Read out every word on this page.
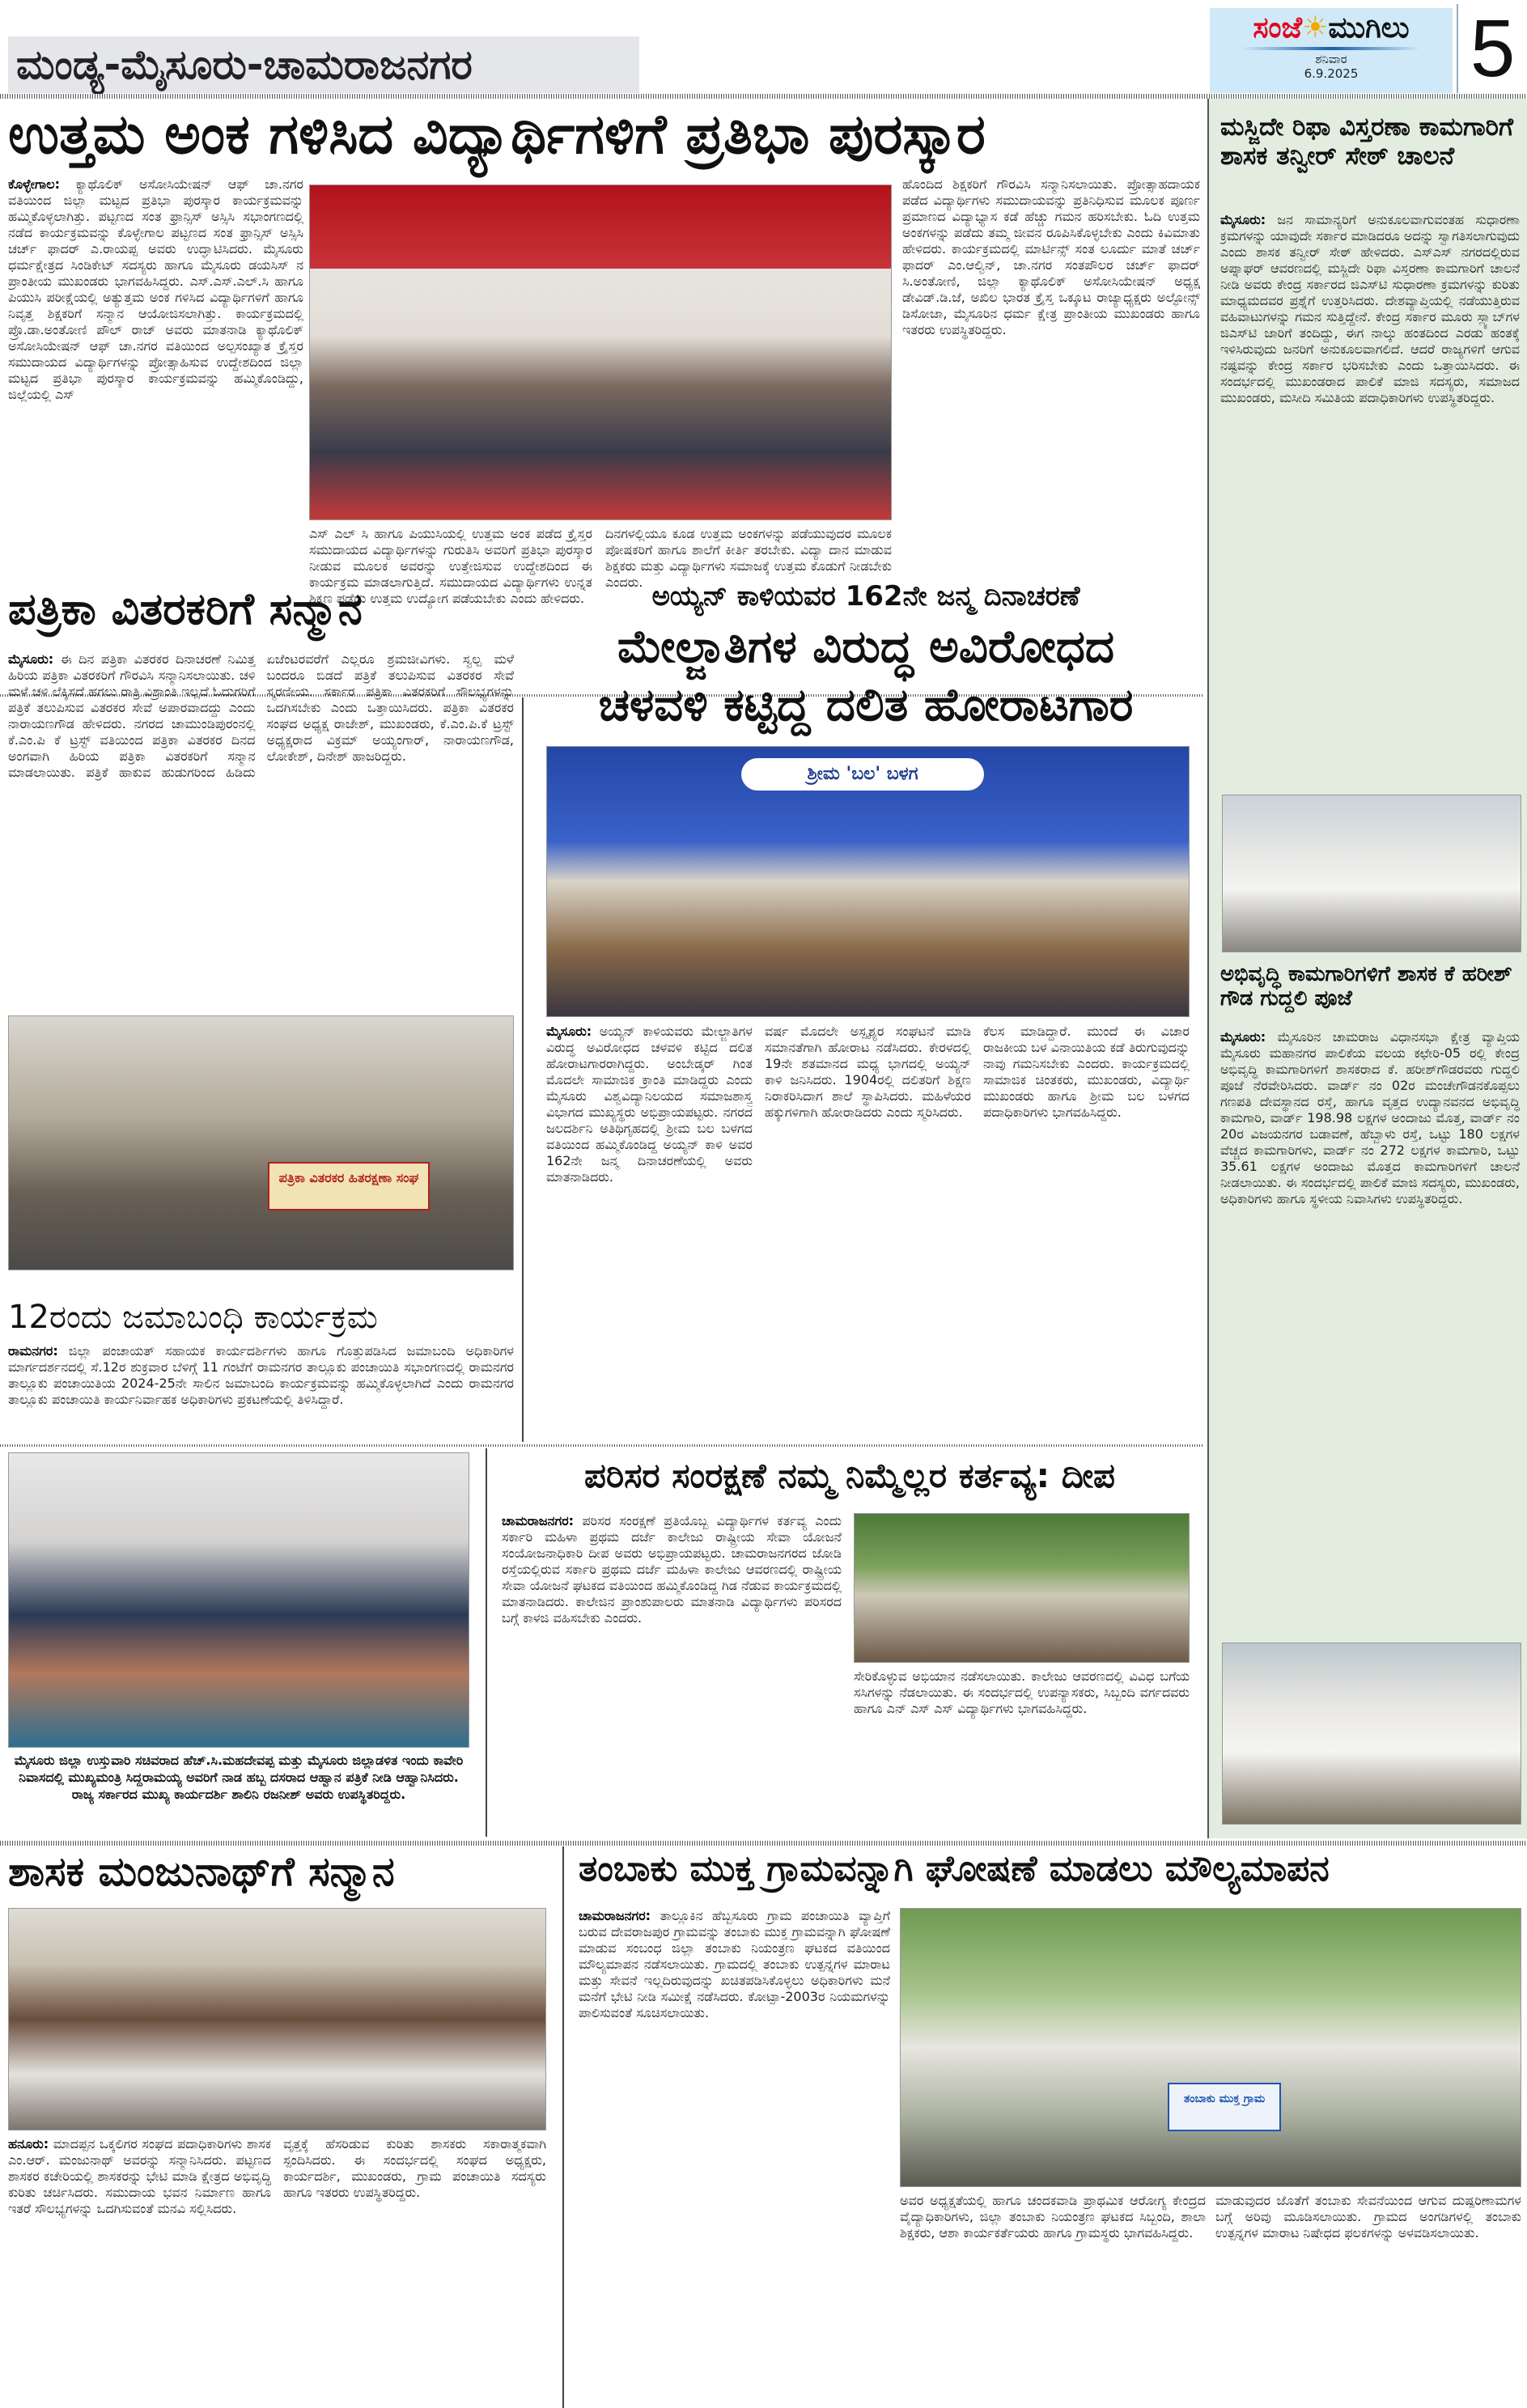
ಮಂಡ್ಯ-ಮೈಸೂರು-ಚಾಮರಾಜನಗರ
ಸಂಜೆ☀ಮುಗಿಲು
ಶನಿವಾರ
6.9.2025	5
ಉತ್ತಮ ಅಂಕ ಗಳಿಸಿದ ವಿದ್ಯಾರ್ಥಿಗಳಿಗೆ ಪ್ರತಿಭಾ ಪುರಸ್ಕಾರ
ಕೊಳ್ಳೇಗಾಲ: ಕ್ಯಾಥೊಲಿಕ್ ಅಸೋಸಿಯೇಷನ್ ಆಫ್ ಚಾ.ನಗರ ವತಿಯಿಂದ ಜಿಲ್ಲಾ ಮಟ್ಟದ ಪ್ರತಿಭಾ ಪುರಸ್ಕಾರ ಕಾರ್ಯಕ್ರಮವನ್ನು ಹಮ್ಮಿಕೊಳ್ಳಲಾಗಿತ್ತು. ಪಟ್ಟಣದ ಸಂತ ಫ್ರಾನ್ಸಿಸ್ ಅಸ್ಸಿಸಿ ಸಭಾಂಗಣದಲ್ಲಿ ನಡೆದ ಕಾರ್ಯಕ್ರಮವನ್ನು ಕೊಳ್ಳೇಗಾಲ ಪಟ್ಟಣದ ಸಂತ ಫ್ರಾನ್ಸಿಸ್ ಅಸ್ಸಿಸಿ ಚರ್ಚ್ ಫಾದರ್ ಎ.ರಾಯಪ್ಪ ಅವರು ಉದ್ಘಾಟಿಸಿದರು. ಮೈಸೂರು ಧರ್ಮಕ್ಷೇತ್ರದ ಸಿಂಡಿಕೇಟ್ ಸದಸ್ಯರು ಹಾಗೂ ಮೈಸೂರು ಡಯಸಿಸ್ ನ ಪ್ರಾಂತೀಯ ಮುಖಂಡರು ಭಾಗವಹಿಸಿದ್ದರು. ಎಸ್.ಎಸ್.ಎಲ್.ಸಿ ಹಾಗೂ ಪಿಯುಸಿ ಪರೀಕ್ಷೆಯಲ್ಲಿ ಅತ್ಯುತ್ತಮ ಅಂಕ ಗಳಿಸಿದ ವಿದ್ಯಾರ್ಥಿಗಳಿಗೆ ಹಾಗೂ ನಿವೃತ್ತ ಶಿಕ್ಷಕರಿಗೆ ಸನ್ಮಾನ ಆಯೋಜಿಸಲಾಗಿತ್ತು. ಕಾರ್ಯಕ್ರಮದಲ್ಲಿ ಪ್ರೊ.ಡಾ.ಅಂತೋಣಿ ಪೌಲ್ ರಾಜ್ ಅವರು ಮಾತನಾಡಿ ಕ್ಯಾಥೊಲಿಕ್ ಅಸೋಸಿಯೇಷನ್ ಆಫ್ ಚಾ.ನಗರ ವತಿಯಿಂದ ಅಲ್ಪಸಂಖ್ಯಾತ ಕ್ರೈಸ್ತರ ಸಮುದಾಯದ ವಿದ್ಯಾರ್ಥಿಗಳನ್ನು ಪ್ರೋತ್ಸಾಹಿಸುವ ಉದ್ದೇಶದಿಂದ ಜಿಲ್ಲಾ ಮಟ್ಟದ ಪ್ರತಿಭಾ ಪುರಸ್ಕಾರ ಕಾರ್ಯಕ್ರಮವನ್ನು ಹಮ್ಮಿಕೊಂಡಿದ್ದು, ಜಿಲ್ಲೆಯಲ್ಲಿ ಎಸ್
ಎಸ್ ಎಲ್ ಸಿ ಹಾಗೂ ಪಿಯುಸಿಯಲ್ಲಿ ಉತ್ತಮ ಅಂಕ ಪಡೆದ ಕ್ರೈಸ್ತರ ಸಮುದಾಯದ ವಿದ್ಯಾರ್ಥಿಗಳನ್ನು ಗುರುತಿಸಿ ಅವರಿಗೆ ಪ್ರತಿಭಾ ಪುರಸ್ಕಾರ ನೀಡುವ ಮೂಲಕ ಅವರನ್ನು ಉತ್ತೇಜಿಸುವ ಉದ್ದೇಶದಿಂದ ಈ ಕಾರ್ಯಕ್ರಮ ಮಾಡಲಾಗುತ್ತಿದೆ. ಸಮುದಾಯದ ವಿದ್ಯಾರ್ಥಿಗಳು ಉನ್ನತ ಶಿಕ್ಷಣ ಪಡೆದು ಉತ್ತಮ ಉದ್ಯೋಗ ಪಡೆಯಬೇಕು ಎಂದು ಹೇಳಿದರು.
ದಿನಗಳಲ್ಲಿಯೂ ಕೂಡ ಉತ್ತಮ ಅಂಕಗಳನ್ನು ಪಡೆಯುವುದರ ಮೂಲಕ ಪೋಷಕರಿಗೆ ಹಾಗೂ ಶಾಲೆಗೆ ಕೀರ್ತಿ ತರಬೇಕು. ವಿದ್ಯಾ ದಾನ ಮಾಡುವ ಶಿಕ್ಷಕರು ಮತ್ತು ವಿದ್ಯಾರ್ಥಿಗಳು ಸಮಾಜಕ್ಕೆ ಉತ್ತಮ ಕೊಡುಗೆ ನೀಡಬೇಕು ಎಂದರು.
ಹೊಂದಿದ ಶಿಕ್ಷಕರಿಗೆ ಗೌರವಿಸಿ ಸನ್ಮಾನಿಸಲಾಯಿತು. ಪ್ರೋತ್ಸಾಹದಾಯಕ ಪಡೆದ ವಿದ್ಯಾರ್ಥಿಗಳು ಸಮುದಾಯವನ್ನು ಪ್ರತಿನಿಧಿಸುವ ಮೂಲಕ ಪೂರ್ಣ ಪ್ರಮಾಣದ ವಿದ್ಯಾಭ್ಯಾಸ ಕಡೆ ಹೆಚ್ಚು ಗಮನ ಹರಿಸಬೇಕು. ಓದಿ ಉತ್ತಮ ಅಂಕಗಳನ್ನು ಪಡೆದು ತಮ್ಮ ಜೀವನ ರೂಪಿಸಿಕೊಳ್ಳಬೇಕು ಎಂದು ಕಿವಿಮಾತು ಹೇಳಿದರು. ಕಾರ್ಯಕ್ರಮದಲ್ಲಿ ಮಾರ್ಟಿನ್ಸ್ ಸಂತ ಲೂರ್ದು ಮಾತೆ ಚರ್ಚ್ ಫಾದರ್ ಎಂ.ಆಲ್ವಿನ್, ಚಾ.ನಗರ ಸಂತಪೌಲರ ಚರ್ಚ್ ಫಾದರ್ ಸಿ.ಅಂತೋಣಿ, ಜಿಲ್ಲಾ ಕ್ಯಾಥೊಲಿಕ್ ಅಸೋಸಿಯೇಷನ್ ಅಧ್ಯಕ್ಷ ಡೇವಿಡ್.ಡಿ.ಜೆ, ಅಖಿಲ ಭಾರತ ಕ್ರೈಸ್ತ ಒಕ್ಕೂಟ ರಾಜ್ಯಾಧ್ಯಕ್ಷರು ಅಲ್ಫೋನ್ಸ್ ಡಿಸೋಜಾ, ಮೈಸೂರಿನ ಧರ್ಮ ಕ್ಷೇತ್ರ ಪ್ರಾಂತೀಯ ಮುಖಂಡರು ಹಾಗೂ ಇತರರು ಉಪಸ್ಥಿತರಿದ್ದರು.
ಮಸ್ಜಿದೇ ರಿಫಾ ವಿಸ್ತರಣಾ ಕಾಮಗಾರಿಗೆ ಶಾಸಕ ತನ್ವೀರ್ ಸೇಠ್ ಚಾಲನೆ
ಮೈಸೂರು: ಜನ ಸಾಮಾನ್ಯರಿಗೆ ಅನುಕೂಲವಾಗುವಂತಹ ಸುಧಾರಣಾ ಕ್ರಮಗಳನ್ನು ಯಾವುದೇ ಸರ್ಕಾರ ಮಾಡಿದರೂ ಅದನ್ನು ಸ್ವಾಗತಿಸಲಾಗುವುದು ಎಂದು ಶಾಸಕ ತನ್ವೀರ್ ಸೇಠ್ ಹೇಳಿದರು. ಎಸ್‌ಎಸ್ ನಗರದಲ್ಲಿರುವ ಅಪ್ನಾಘರ್ ಆವರಣದಲ್ಲಿ ಮಸ್ಜಿದೇ ರಿಫಾ ವಿಸ್ತರಣಾ ಕಾಮಗಾರಿಗೆ ಚಾಲನೆ ನೀಡಿ ಅವರು ಕೇಂದ್ರ ಸರ್ಕಾರದ ಜಿಎಸ್‌ಟಿ ಸುಧಾರಣಾ ಕ್ರಮಗಳನ್ನು ಕುರಿತು ಮಾಧ್ಯಮದವರ ಪ್ರಶ್ನೆಗೆ ಉತ್ತರಿಸಿದರು. ದೇಶವ್ಯಾಪ್ತಿಯಲ್ಲಿ ನಡೆಯುತ್ತಿರುವ ವಹಿವಾಟುಗಳನ್ನು ಗಮನ ಸುತ್ತಿದ್ದೇನೆ. ಕೇಂದ್ರ ಸರ್ಕಾರ ಮೂರು ಸ್ಲ್ಯಾಬ್‌ಗಳ ಜಿಎಸ್‌ಟಿ ಜಾರಿಗೆ ತಂದಿದ್ದು, ಈಗ ನಾಲ್ಕು ಹಂತದಿಂದ ಎರಡು ಹಂತಕ್ಕೆ ಇಳಿಸಿರುವುದು ಜನರಿಗೆ ಅನುಕೂಲವಾಗಲಿದೆ. ಆದರೆ ರಾಜ್ಯಗಳಿಗೆ ಆಗುವ ನಷ್ಟವನ್ನು ಕೇಂದ್ರ ಸರ್ಕಾರ ಭರಿಸಬೇಕು ಎಂದು ಒತ್ತಾಯಿಸಿದರು. ಈ ಸಂದರ್ಭದಲ್ಲಿ ಮುಖಂಡರಾದ ಪಾಲಿಕೆ ಮಾಜಿ ಸದಸ್ಯರು, ಸಮಾಜದ ಮುಖಂಡರು, ಮಸೀದಿ ಸಮಿತಿಯ ಪದಾಧಿಕಾರಿಗಳು ಉಪಸ್ಥಿತರಿದ್ದರು.
ಅಭಿವೃದ್ಧಿ ಕಾಮಗಾರಿಗಳಿಗೆ ಶಾಸಕ ಕೆ ಹರೀಶ್ ಗೌಡ ಗುದ್ದಲಿ ಪೂಜೆ
ಮೈಸೂರು: ಮೈಸೂರಿನ ಚಾಮರಾಜ ವಿಧಾನಸಭಾ ಕ್ಷೇತ್ರ ವ್ಯಾಪ್ತಿಯ ಮೈಸೂರು ಮಹಾನಗರ ಪಾಲಿಕೆಯ ವಲಯ ಕಛೇರಿ-05 ರಲ್ಲಿ ಕೇಂದ್ರ ಅಭಿವೃದ್ಧಿ ಕಾಮಗಾರಿಗಳಿಗೆ ಶಾಸಕರಾದ ಕೆ. ಹರೀಶ್‌ಗೌಡರವರು ಗುದ್ದಲಿ ಪೂಜೆ ನೆರವೇರಿಸಿದರು. ವಾರ್ಡ್ ನಂ 02ರ ಮಂಚೇಗೌಡನಕೊಪ್ಪಲು ಗಣಪತಿ ದೇವಸ್ಥಾನದ ರಸ್ತೆ, ಹಾಗೂ ವೃತ್ತದ ಉದ್ಯಾನವನದ ಅಭಿವೃದ್ಧಿ ಕಾಮಗಾರಿ, ವಾರ್ಡ್ 198.98 ಲಕ್ಷಗಳ ಅಂದಾಜು ಮೊತ್ತ, ವಾರ್ಡ್ ನಂ 20ರ ವಿಜಯನಗರ ಬಡಾವಣೆ, ಹೆಬ್ಬಾಳು ರಸ್ತೆ, ಒಟ್ಟು 180 ಲಕ್ಷಗಳ ವೆಚ್ಚದ ಕಾಮಗಾರಿಗಳು, ವಾರ್ಡ್ ನಂ 272 ಲಕ್ಷಗಳ ಕಾಮಗಾರಿ, ಒಟ್ಟು 35.61 ಲಕ್ಷಗಳ ಅಂದಾಜು ಮೊತ್ತದ ಕಾಮಗಾರಿಗಳಿಗೆ ಚಾಲನೆ ನೀಡಲಾಯಿತು. ಈ ಸಂದರ್ಭದಲ್ಲಿ ಪಾಲಿಕೆ ಮಾಜಿ ಸದಸ್ಯರು, ಮುಖಂಡರು, ಅಧಿಕಾರಿಗಳು ಹಾಗೂ ಸ್ಥಳೀಯ ನಿವಾಸಿಗಳು ಉಪಸ್ಥಿತರಿದ್ದರು.
ಪತ್ರಿಕಾ ವಿತರಕರಿಗೆ ಸನ್ಮಾನ
ಮೈಸೂರು: ಈ ದಿನ ಪತ್ರಿಕಾ ವಿತರಕರ ದಿನಾಚರಣೆ ನಿಮಿತ್ತ ಹಿರಿಯ ಪತ್ರಿಕಾ ವಿತರಕರಿಗೆ ಗೌರವಿಸಿ ಸನ್ಮಾನಿಸಲಾಯಿತು. ಚಳಿ ಮಳೆ ಚಳಿ ಲೆಕ್ಕಿಸದೆ ಹಗಲು ರಾತ್ರಿ ವಿಶ್ರಾಂತಿ ಇಲ್ಲದೆ ಓದುಗರಿಗೆ ಪತ್ರಿಕೆ ತಲುಪಿಸುವ ವಿತರಕರ ಸೇವೆ ಅಪಾರವಾದದ್ದು ಎಂದು ನಾರಾಯಣಗೌಡ ಹೇಳಿದರು. ನಗರದ ಚಾಮುಂಡಿಪುರಂನಲ್ಲಿ ಕೆ.ಎಂ.ಪಿ ಕೆ ಟ್ರಸ್ಟ್ ವತಿಯಿಂದ ಪತ್ರಿಕಾ ವಿತರಕರ ದಿನದ ಅಂಗವಾಗಿ ಹಿರಿಯ ಪತ್ರಿಕಾ ವಿತರಕರಿಗೆ ಸನ್ಮಾನ ಮಾಡಲಾಯಿತು. ಪತ್ರಿಕೆ ಹಾಕುವ ಹುಡುಗರಿಂದ ಹಿಡಿದು ಏಜೆಂಟರವರೆಗೆ ಎಲ್ಲರೂ ಶ್ರಮಜೀವಿಗಳು. ಸ್ವಲ್ಪ ಮಳೆ ಬಂದರೂ ಬಿಡದೆ ಪತ್ರಿಕೆ ತಲುಪಿಸುವ ವಿತರಕರ ಸೇವೆ ಸ್ಮರಣೀಯ. ಸರ್ಕಾರ ಪತ್ರಿಕಾ ವಿತರಕರಿಗೆ ಸೌಲಭ್ಯಗಳನ್ನು ಒದಗಿಸಬೇಕು ಎಂದು ಒತ್ತಾಯಿಸಿದರು. ಪತ್ರಿಕಾ ವಿತರಕರ ಸಂಘದ ಅಧ್ಯಕ್ಷ ರಾಜೇಶ್, ಮುಖಂಡರು, ಕೆ.ಎಂ.ಪಿ.ಕೆ ಟ್ರಸ್ಟ್ ಅಧ್ಯಕ್ಷರಾದ ವಿಕ್ರಮ್ ಅಯ್ಯಂಗಾರ್, ನಾರಾಯಣಗೌಡ, ಲೋಕೇಶ್, ದಿನೇಶ್ ಹಾಜರಿದ್ದರು.
ಪತ್ರಿಕಾ ವಿತರಕರ ಹಿತರಕ್ಷಣಾ ಸಂಘ
ಅಯ್ಯನ್ ಕಾಳಿಯವರ 162ನೇ ಜನ್ಮ ದಿನಾಚರಣೆ
ಮೇಲ್ಜಾತಿಗಳ ವಿರುದ್ಧ ಅವಿರೋಧದ
ಚಳವಳಿ ಕಟ್ಟಿದ್ದ ದಲಿತ ಹೋರಾಟಗಾರ
ಶ್ರೀಮ 'ಬಲ' ಬಳಗ
ಮೈಸೂರು: ಅಯ್ಯನ್ ಕಾಳಿಯವರು ಮೇಲ್ಜಾತಿಗಳ ವಿರುದ್ಧ ಅವಿರೋಧದ ಚಳವಳಿ ಕಟ್ಟಿದ ದಲಿತ ಹೋರಾಟಗಾರರಾಗಿದ್ದರು. ಅಂಬೇಡ್ಕರ್ ಗಿಂತ ಮೊದಲೇ ಸಾಮಾಜಿಕ ಕ್ರಾಂತಿ ಮಾಡಿದ್ದರು ಎಂದು ಮೈಸೂರು ವಿಶ್ವವಿದ್ಯಾನಿಲಯದ ಸಮಾಜಶಾಸ್ತ್ರ ವಿಭಾಗದ ಮುಖ್ಯಸ್ಥರು ಅಭಿಪ್ರಾಯಪಟ್ಟರು. ನಗರದ ಜಲದರ್ಶಿನಿ ಅತಿಥಿಗೃಹದಲ್ಲಿ ಶ್ರೀಮ ಬಲ ಬಳಗದ ವತಿಯಿಂದ ಹಮ್ಮಿಕೊಂಡಿದ್ದ ಅಯ್ಯನ್ ಕಾಳಿ ಅವರ 162ನೇ ಜನ್ಮ ದಿನಾಚರಣೆಯಲ್ಲಿ ಅವರು ಮಾತನಾಡಿದರು.
ವರ್ಷ ಮೊದಲೇ ಅಸ್ಪೃಶ್ಯರ ಸಂಘಟನೆ ಮಾಡಿ ಸಮಾನತೆಗಾಗಿ ಹೋರಾಟ ನಡೆಸಿದರು. ಕೇರಳದಲ್ಲಿ 19ನೇ ಶತಮಾನದ ಮಧ್ಯ ಭಾಗದಲ್ಲಿ ಅಯ್ಯನ್ ಕಾಳಿ ಜನಿಸಿದರು. 1904ರಲ್ಲಿ ದಲಿತರಿಗೆ ಶಿಕ್ಷಣ ನಿರಾಕರಿಸಿದಾಗ ಶಾಲೆ ಸ್ಥಾಪಿಸಿದರು. ಮಹಿಳೆಯರ ಹಕ್ಕುಗಳಿಗಾಗಿ ಹೋರಾಡಿದರು ಎಂದು ಸ್ಮರಿಸಿದರು.
ಕೆಲಸ ಮಾಡಿದ್ದಾರೆ. ಮುಂದೆ ಈ ವಿಚಾರ ರಾಜಕೀಯ ಬಳ ವಿನಾಯಿತಿಯ ಕಡೆ ತಿರುಗುವುದನ್ನು ನಾವು ಗಮನಿಸಬೇಕು ಎಂದರು. ಕಾರ್ಯಕ್ರಮದಲ್ಲಿ ಸಾಮಾಜಿಕ ಚಿಂತಕರು, ಮುಖಂಡರು, ವಿದ್ಯಾರ್ಥಿ ಮುಖಂಡರು ಹಾಗೂ ಶ್ರೀಮ ಬಲ ಬಳಗದ ಪದಾಧಿಕಾರಿಗಳು ಭಾಗವಹಿಸಿದ್ದರು.
12ರಂದು ಜಮಾಬಂಧಿ ಕಾರ್ಯಕ್ರಮ
ರಾಮನಗರ: ಜಿಲ್ಲಾ ಪಂಚಾಯತ್ ಸಹಾಯಕ ಕಾರ್ಯದರ್ಶಿಗಳು ಹಾಗೂ ಗೊತ್ತುಪಡಿಸಿದ ಜಮಾಬಂದಿ ಅಧಿಕಾರಿಗಳ ಮಾರ್ಗದರ್ಶನದಲ್ಲಿ ಸೆ.12ರ ಶುಕ್ರವಾರ ಬೆಳಿಗ್ಗೆ 11 ಗಂಟೆಗೆ ರಾಮನಗರ ತಾಲ್ಲೂಕು ಪಂಚಾಯಿತಿ ಸಭಾಂಗಣದಲ್ಲಿ ರಾಮನಗರ ತಾಲ್ಲೂಕು ಪಂಚಾಯಿತಿಯ 2024-25ನೇ ಸಾಲಿನ ಜಮಾಬಂದಿ ಕಾರ್ಯಕ್ರಮವನ್ನು ಹಮ್ಮಿಕೊಳ್ಳಲಾಗಿದೆ ಎಂದು ರಾಮನಗರ ತಾಲ್ಲೂಕು ಪಂಚಾಯಿತಿ ಕಾರ್ಯನಿರ್ವಾಹಕ ಅಧಿಕಾರಿಗಳು ಪ್ರಕಟಣೆಯಲ್ಲಿ ತಿಳಿಸಿದ್ದಾರೆ.
ಮೈಸೂರು ಜಿಲ್ಲಾ ಉಸ್ತುವಾರಿ ಸಚಿವರಾದ ಹೆಚ್.ಸಿ.ಮಹದೇವಪ್ಪ ಮತ್ತು ಮೈಸೂರು ಜಿಲ್ಲಾಡಳಿತ ಇಂದು ಕಾವೇರಿ ನಿವಾಸದಲ್ಲಿ ಮುಖ್ಯಮಂತ್ರಿ ಸಿದ್ದರಾಮಯ್ಯ ಅವರಿಗೆ ನಾಡ ಹಬ್ಬ ದಸರಾದ ಆಹ್ವಾನ ಪತ್ರಿಕೆ ನೀಡಿ ಆಹ್ವಾನಿಸಿದರು. ರಾಜ್ಯ ಸರ್ಕಾರದ ಮುಖ್ಯ ಕಾರ್ಯದರ್ಶಿ ಶಾಲಿನಿ ರಜನೀಶ್ ಅವರು ಉಪಸ್ಥಿತರಿದ್ದರು.
ಪರಿಸರ ಸಂರಕ್ಷಣೆ ನಮ್ಮ ನಿಮ್ಮೆಲ್ಲರ ಕರ್ತವ್ಯ: ದೀಪ
ಚಾಮರಾಜನಗರ: ಪರಿಸರ ಸಂರಕ್ಷಣೆ ಪ್ರತಿಯೊಬ್ಬ ವಿದ್ಯಾರ್ಥಿಗಳ ಕರ್ತವ್ಯ ಎಂದು ಸರ್ಕಾರಿ ಮಹಿಳಾ ಪ್ರಥಮ ದರ್ಜೆ ಕಾಲೇಜು ರಾಷ್ಟ್ರೀಯ ಸೇವಾ ಯೋಜನೆ ಸಂಯೋಜನಾಧಿಕಾರಿ ದೀಪ ಅವರು ಅಭಿಪ್ರಾಯಪಟ್ಟರು. ಚಾಮರಾಜನಗರದ ಜೋಡಿ ರಸ್ತೆಯಲ್ಲಿರುವ ಸರ್ಕಾರಿ ಪ್ರಥಮ ದರ್ಜೆ ಮಹಿಳಾ ಕಾಲೇಜು ಆವರಣದಲ್ಲಿ ರಾಷ್ಟ್ರೀಯ ಸೇವಾ ಯೋಜನೆ ಘಟಕದ ವತಿಯಿಂದ ಹಮ್ಮಿಕೊಂಡಿದ್ದ ಗಿಡ ನೆಡುವ ಕಾರ್ಯಕ್ರಮದಲ್ಲಿ ಮಾತನಾಡಿದರು. ಕಾಲೇಜಿನ ಪ್ರಾಂಶುಪಾಲರು ಮಾತನಾಡಿ ವಿದ್ಯಾರ್ಥಿಗಳು ಪರಿಸರದ ಬಗ್ಗೆ ಕಾಳಜಿ ವಹಿಸಬೇಕು ಎಂದರು.
ಸೇರಿಕೊಳ್ಳುವ ಅಭಿಯಾನ ನಡೆಸಲಾಯಿತು. ಕಾಲೇಜು ಆವರಣದಲ್ಲಿ ವಿವಿಧ ಬಗೆಯ ಸಸಿಗಳನ್ನು ನೆಡಲಾಯಿತು. ಈ ಸಂದರ್ಭದಲ್ಲಿ ಉಪನ್ಯಾಸಕರು, ಸಿಬ್ಬಂದಿ ವರ್ಗದವರು ಹಾಗೂ ಎನ್ ಎಸ್ ಎಸ್ ವಿದ್ಯಾರ್ಥಿಗಳು ಭಾಗವಹಿಸಿದ್ದರು.
ಶಾಸಕ ಮಂಜುನಾಥ್‌ಗೆ ಸನ್ಮಾನ
ಹನೂರು: ಮಾದಪ್ಪನ ಒಕ್ಕಲಿಗರ ಸಂಘದ ಪದಾಧಿಕಾರಿಗಳು ಶಾಸಕ ಎಂ.ಆರ್. ಮಂಜುನಾಥ್ ಅವರನ್ನು ಸನ್ಮಾನಿಸಿದರು. ಪಟ್ಟಣದ ಶಾಸಕರ ಕಚೇರಿಯಲ್ಲಿ ಶಾಸಕರನ್ನು ಭೇಟಿ ಮಾಡಿ ಕ್ಷೇತ್ರದ ಅಭಿವೃದ್ಧಿ ಕುರಿತು ಚರ್ಚಿಸಿದರು. ಸಮುದಾಯ ಭವನ ನಿರ್ಮಾಣ ಹಾಗೂ ಇತರೆ ಸೌಲಭ್ಯಗಳನ್ನು ಒದಗಿಸುವಂತೆ ಮನವಿ ಸಲ್ಲಿಸಿದರು.
ವೃತ್ತಕ್ಕೆ ಹೆಸರಿಡುವ ಕುರಿತು ಶಾಸಕರು ಸಕಾರಾತ್ಮಕವಾಗಿ ಸ್ಪಂದಿಸಿದರು. ಈ ಸಂದರ್ಭದಲ್ಲಿ ಸಂಘದ ಅಧ್ಯಕ್ಷರು, ಕಾರ್ಯದರ್ಶಿ, ಮುಖಂಡರು, ಗ್ರಾಮ ಪಂಚಾಯಿತಿ ಸದಸ್ಯರು ಹಾಗೂ ಇತರರು ಉಪಸ್ಥಿತರಿದ್ದರು.
ತಂಬಾಕು ಮುಕ್ತ ಗ್ರಾಮವನ್ನಾಗಿ ಘೋಷಣೆ ಮಾಡಲು ಮೌಲ್ಯಮಾಪನ
ಚಾಮರಾಜನಗರ: ತಾಲ್ಲೂಕಿನ ಹೆಬ್ಬಸೂರು ಗ್ರಾಮ ಪಂಚಾಯಿತಿ ವ್ಯಾಪ್ತಿಗೆ ಬರುವ ದೇವರಾಜಪುರ ಗ್ರಾಮವನ್ನು ತಂಬಾಕು ಮುಕ್ತ ಗ್ರಾಮವನ್ನಾಗಿ ಘೋಷಣೆ ಮಾಡುವ ಸಂಬಂಧ ಜಿಲ್ಲಾ ತಂಬಾಕು ನಿಯಂತ್ರಣ ಘಟಕದ ವತಿಯಿಂದ ಮೌಲ್ಯಮಾಪನ ನಡೆಸಲಾಯಿತು. ಗ್ರಾಮದಲ್ಲಿ ತಂಬಾಕು ಉತ್ಪನ್ನಗಳ ಮಾರಾಟ ಮತ್ತು ಸೇವನೆ ಇಲ್ಲದಿರುವುದನ್ನು ಖಚಿತಪಡಿಸಿಕೊಳ್ಳಲು ಅಧಿಕಾರಿಗಳು ಮನೆ ಮನೆಗೆ ಭೇಟಿ ನೀಡಿ ಸಮೀಕ್ಷೆ ನಡೆಸಿದರು. ಕೋಟ್ಪಾ-2003ರ ನಿಯಮಗಳನ್ನು ಪಾಲಿಸುವಂತೆ ಸೂಚಿಸಲಾಯಿತು.
ತಂಬಾಕು ಮುಕ್ತ ಗ್ರಾಮ
ಅವರ ಅಧ್ಯಕ್ಷತೆಯಲ್ಲಿ ಹಾಗೂ ಚಂದಕವಾಡಿ ಪ್ರಾಥಮಿಕ ಆರೋಗ್ಯ ಕೇಂದ್ರದ ವೈದ್ಯಾಧಿಕಾರಿಗಳು, ಜಿಲ್ಲಾ ತಂಬಾಕು ನಿಯಂತ್ರಣ ಘಟಕದ ಸಿಬ್ಬಂದಿ, ಶಾಲಾ ಶಿಕ್ಷಕರು, ಆಶಾ ಕಾರ್ಯಕರ್ತೆಯರು ಹಾಗೂ ಗ್ರಾಮಸ್ಥರು ಭಾಗವಹಿಸಿದ್ದರು.
ಮಾಡುವುದರ ಜೊತೆಗೆ ತಂಬಾಕು ಸೇವನೆಯಿಂದ ಆಗುವ ದುಷ್ಪರಿಣಾಮಗಳ ಬಗ್ಗೆ ಅರಿವು ಮೂಡಿಸಲಾಯಿತು. ಗ್ರಾಮದ ಅಂಗಡಿಗಳಲ್ಲಿ ತಂಬಾಕು ಉತ್ಪನ್ನಗಳ ಮಾರಾಟ ನಿಷೇಧದ ಫಲಕಗಳನ್ನು ಅಳವಡಿಸಲಾಯಿತು.
